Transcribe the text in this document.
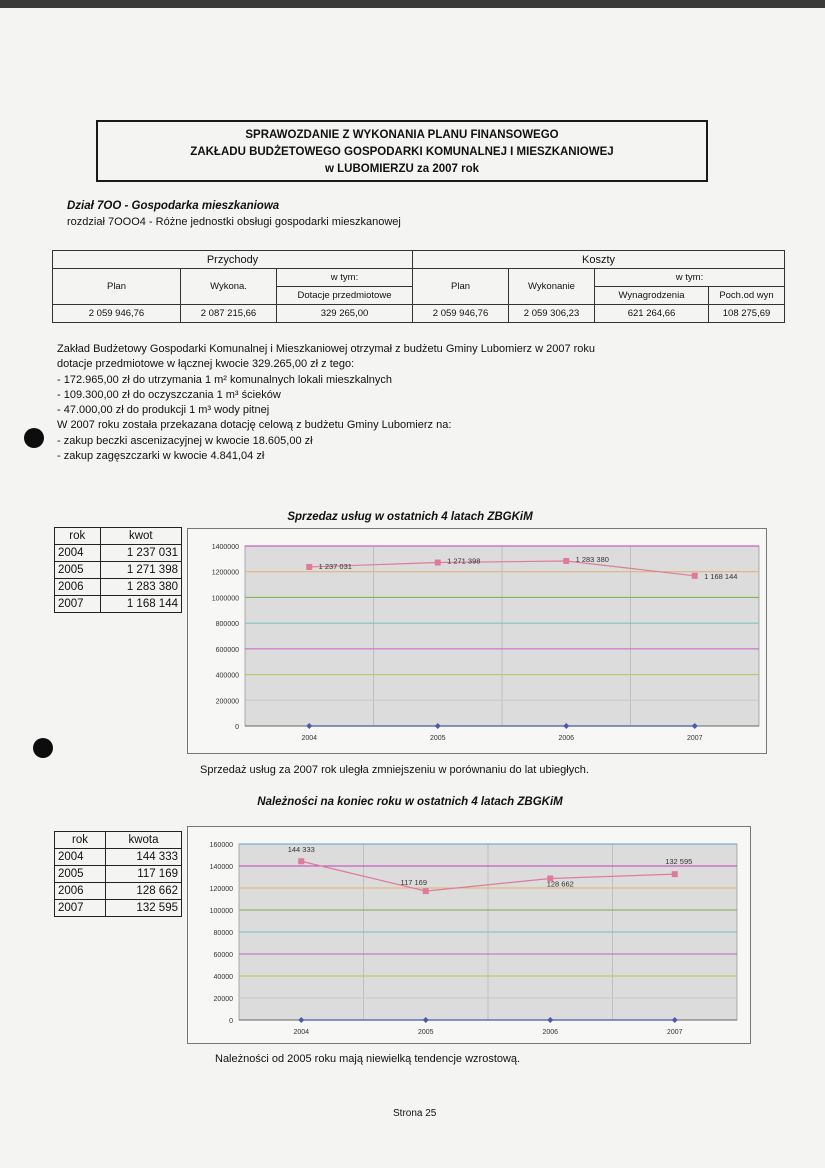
SPRAWOZDANIE Z WYKONANIA PLANU FINANSOWEGO
ZAKŁADU BUDŻETOWEGO GOSPODARKI KOMUNALNEJ I MIESZKANIOWEJ
w LUBOMIERZU za 2007 rok
Dział 7OO - Gospodarka mieszkaniowa
rozdział 7OOO4 - Różne jednostki obsługi gospodarki mieszkanowej
Przychody			Koszty			
Plan	Wykona.	w tym:	Plan	Wykonanie	w tym:	
		Dotacje przedmiotowe			Wynagrodzenia	Poch.od wyn
2 059 946,76	2 087 215,66	329 265,00	2 059 946,76	2 059 306,23	621 264,66	108 275,69
Zakład Budżetowy Gospodarki Komunalnej i Mieszkaniowej otrzymał z budżetu Gminy Lubomierz w 2007 roku
dotacje przedmiotowe w łącznej kwocie 329.265,00 zł z tego:
- 172.965,00 zł do utrzymania 1 m² komunalnych lokali mieszkalnych
- 109.300,00 zł do oczyszczania 1 m³ ścieków
- 47.000,00 zł do produkcji 1 m³ wody pitnej
W 2007 roku została przekazana dotację celową z budżetu Gminy Lubomierz na:
- zakup beczki ascenizacyjnej w kwocie 18.605,00 zł
- zakup zagęszczarki w kwocie 4.841,04 zł
Sprzedaz usług w ostatnich 4 latach ZBGKiM
rok	kwot
2004	1 237 031
2005	1 271 398
2006	1 283 380
2007	1 168 144
0
200000
400000
600000
800000
1000000
1200000
1400000
2004	2005	2006	2007
1 237 031
1 271 398	1 283 380
1 168 144
Sprzedaż usług za 2007 rok uległa zmniejszeniu w porównaniu do lat ubiegłych.
Należności na koniec roku w ostatnich 4 latach ZBGKiM
rok	kwota
2004	144 333
2005	117 169
2006	128 662
2007	132 595
0
20000
40000
60000
80000
100000
120000
140000
160000
2004	2005	2006	2007
144 333
117 169	128 662
132 595
Należności od 2005 roku mają niewielką tendencje wzrostową.
Strona 25
